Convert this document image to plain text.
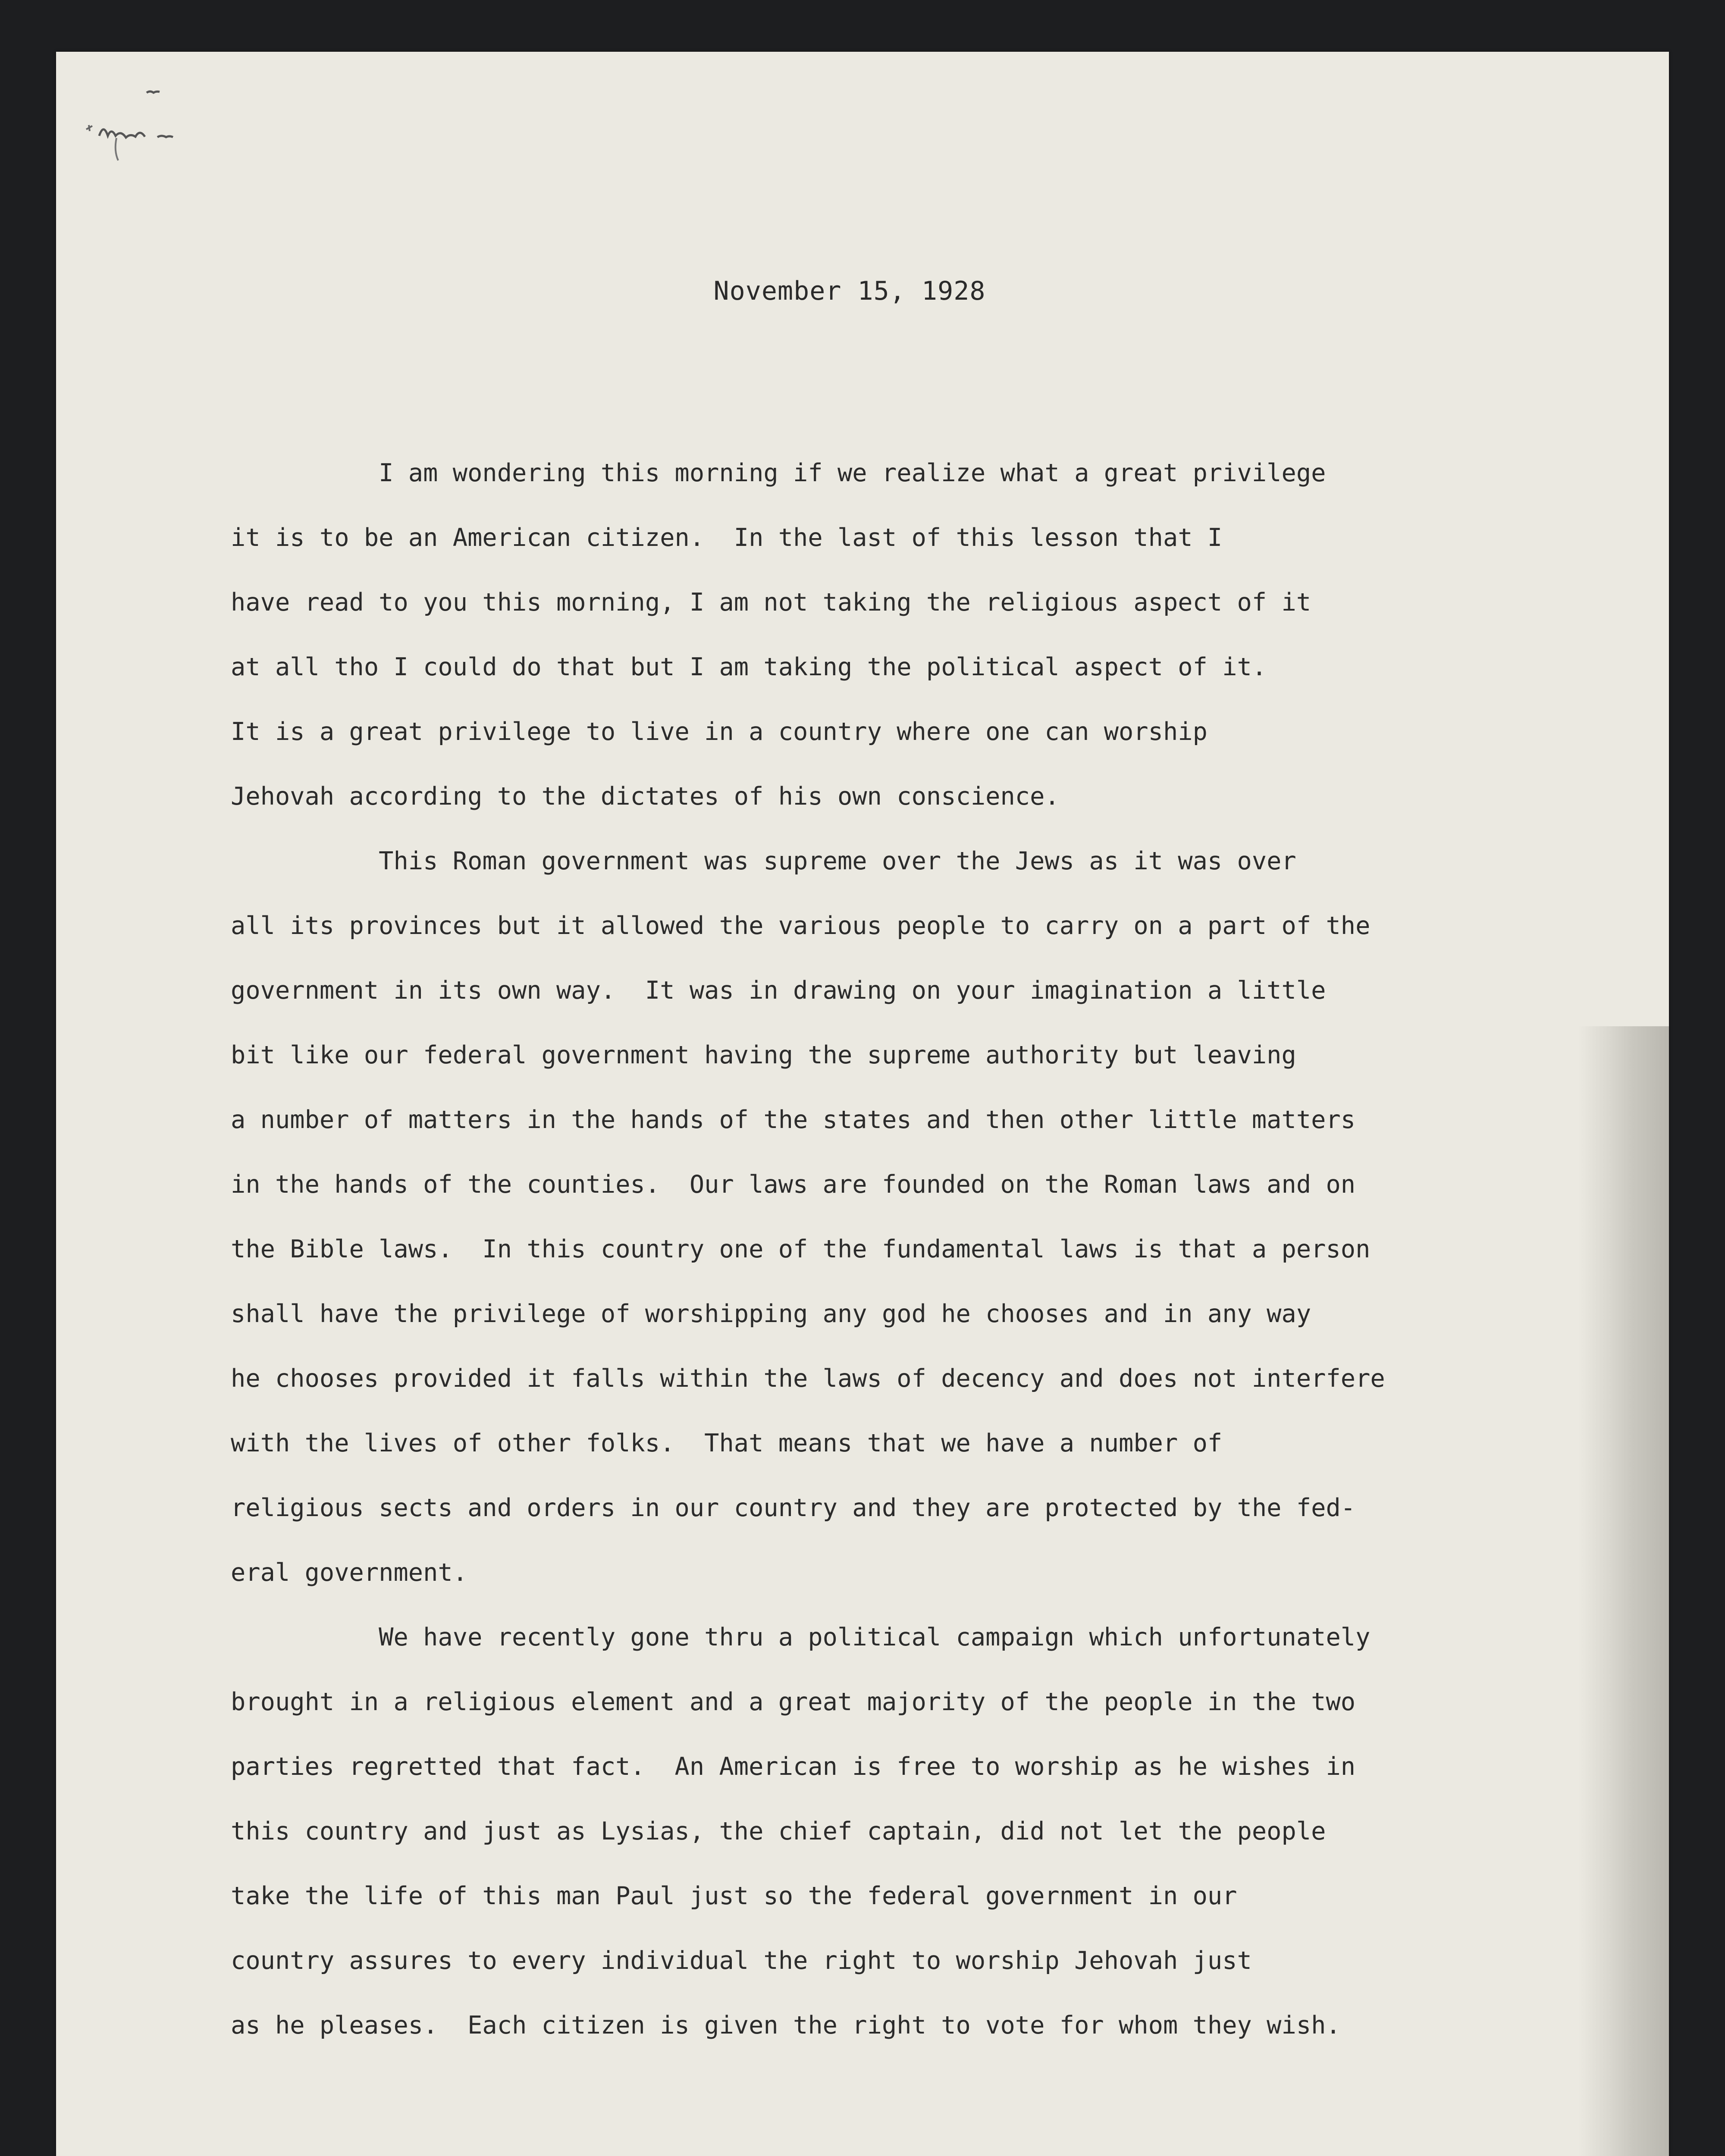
November 15, 1928
I am wondering this morning if we realize what a great privilege
it is to be an American citizen.  In the last of this lesson that I
have read to you this morning, I am not taking the religious aspect of it
at all tho I could do that but I am taking the political aspect of it.
It is a great privilege to live in a country where one can worship
Jehovah according to the dictates of his own conscience.
This Roman government was supreme over the Jews as it was over
all its provinces but it allowed the various people to carry on a part of the
government in its own way.  It was in drawing on your imagination a little
bit like our federal government having the supreme authority but leaving
a number of matters in the hands of the states and then other little matters
in the hands of the counties.  Our laws are founded on the Roman laws and on
the Bible laws.  In this country one of the fundamental laws is that a person
shall have the privilege of worshipping any god he chooses and in any way
he chooses provided it falls within the laws of decency and does not interfere
with the lives of other folks.  That means that we have a number of
religious sects and orders in our country and they are protected by the fed-
eral government.
We have recently gone thru a political campaign which unfortunately
brought in a religious element and a great majority of the people in the two
parties regretted that fact.  An American is free to worship as he wishes in
this country and just as Lysias, the chief captain, did not let the people
take the life of this man Paul just so the federal government in our
country assures to every individual the right to worship Jehovah just
as he pleases.  Each citizen is given the right to vote for whom they wish.
